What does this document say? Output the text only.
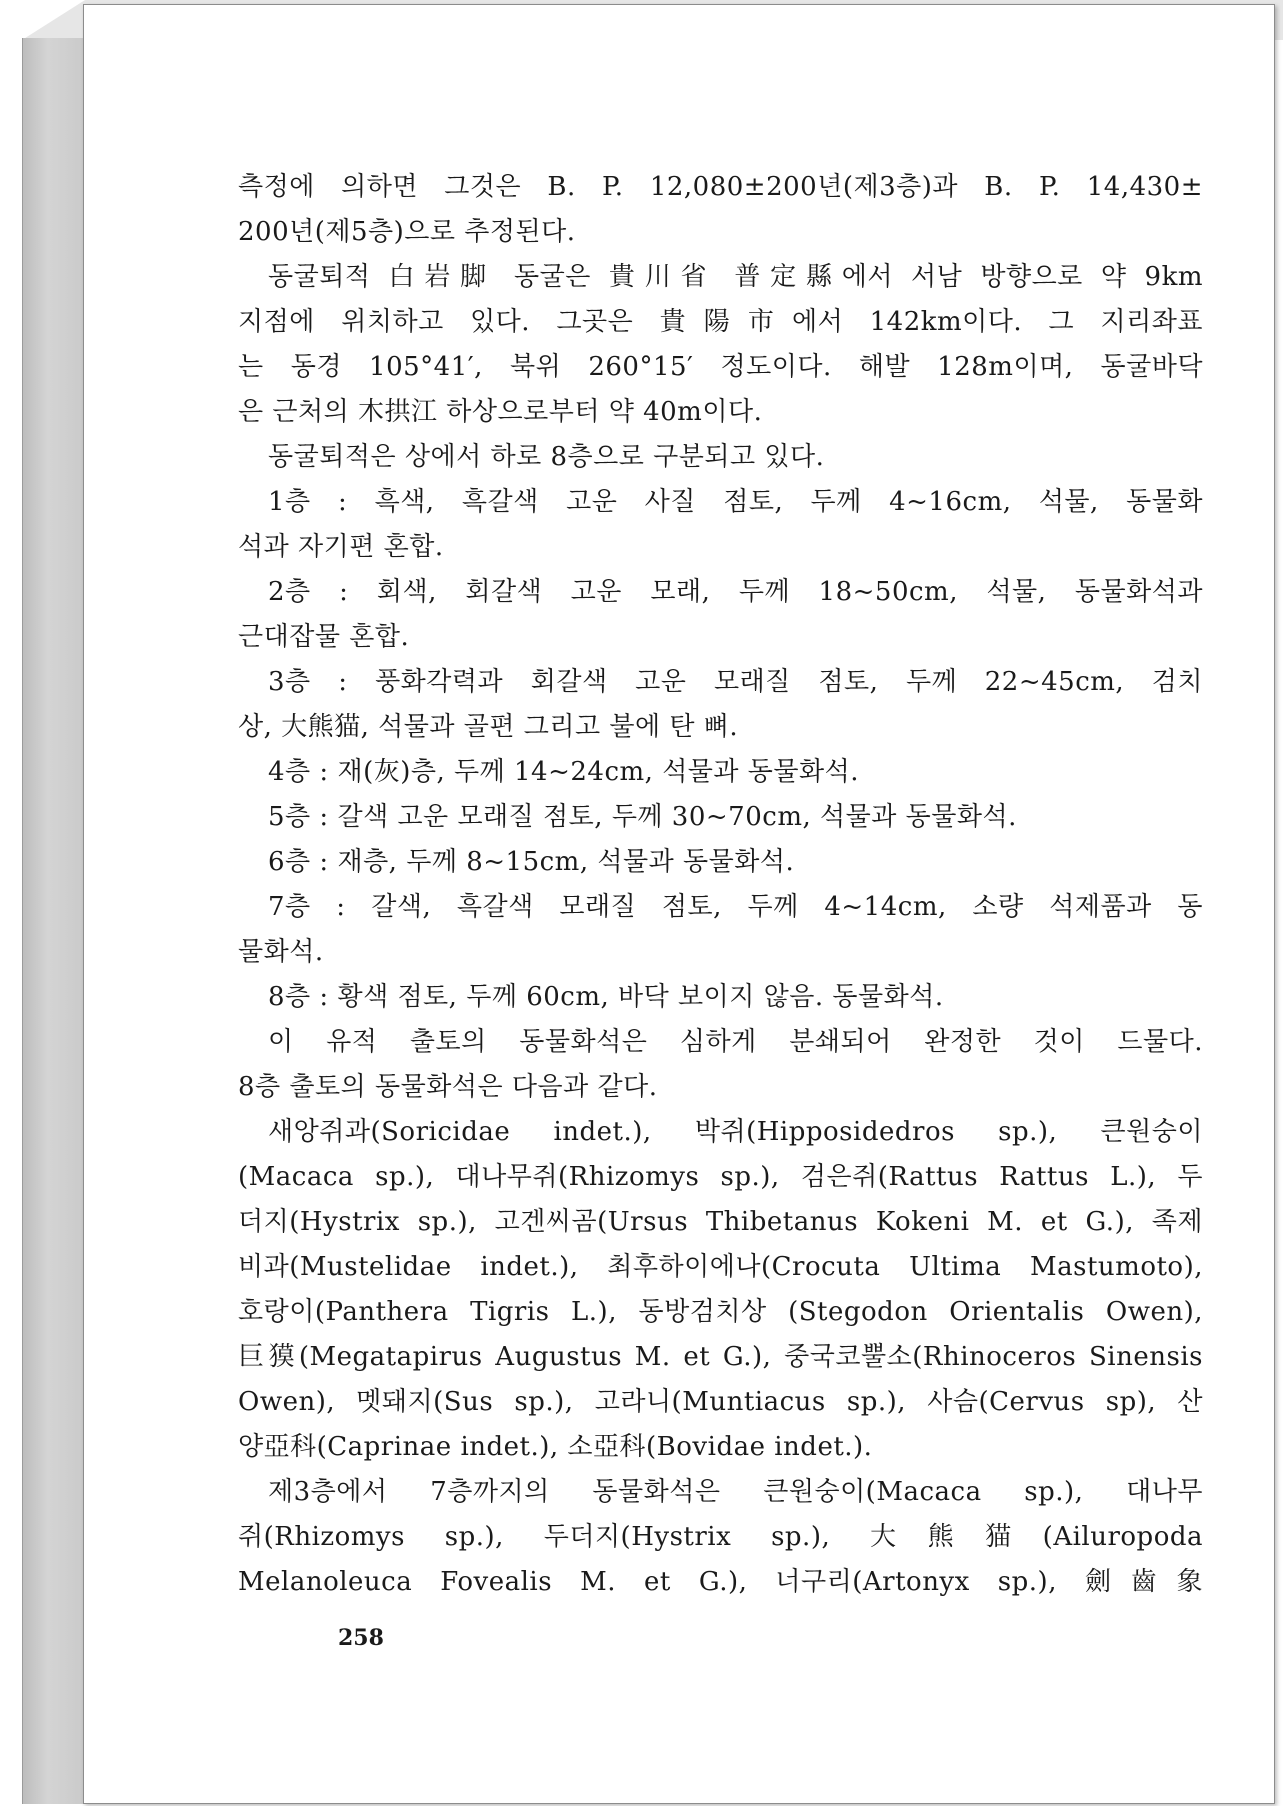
측정에 의하면 그것은 B. P. 12,080±200년(제3층)과 B. P. 14,430±
200년(제5층)으로 추정된다.
동굴퇴적 白岩脚 동굴은 貴川省 普定縣에서 서남 방향으로 약 9km
지점에 위치하고 있다. 그곳은 貴陽市에서 142km이다. 그 지리좌표
는 동경 105°41′, 북위 260°15′ 정도이다. 해발 128m이며, 동굴바닥
은 근처의 木拱江 하상으로부터 약 40m이다.
동굴퇴적은 상에서 하로 8층으로 구분되고 있다.
1층 : 흑색, 흑갈색 고운 사질 점토, 두께 4~16cm, 석물, 동물화
석과 자기편 혼합.
2층 : 회색, 회갈색 고운 모래, 두께 18~50cm, 석물, 동물화석과
근대잡물 혼합.
3층 : 풍화각력과 회갈색 고운 모래질 점토, 두께 22~45cm, 검치
상, 大熊猫, 석물과 골편 그리고 불에 탄 뼈.
4층 : 재(灰)층, 두께 14~24cm, 석물과 동물화석.
5층 : 갈색 고운 모래질 점토, 두께 30~70cm, 석물과 동물화석.
6층 : 재층, 두께 8~15cm, 석물과 동물화석.
7층 : 갈색, 흑갈색 모래질 점토, 두께 4~14cm, 소량 석제품과 동
물화석.
8층 : 황색 점토, 두께 60cm, 바닥 보이지 않음. 동물화석.
이 유적 출토의 동물화석은 심하게 분쇄되어 완정한 것이 드물다.
8층 출토의 동물화석은 다음과 같다.
새앙쥐과(Soricidae indet.), 박쥐(Hipposidedros sp.), 큰원숭이
(Macaca sp.), 대나무쥐(Rhizomys sp.), 검은쥐(Rattus Rattus L.), 두
더지(Hystrix sp.), 고겐씨곰(Ursus Thibetanus Kokeni M. et G.), 족제
비과(Mustelidae indet.), 최후하이에나(Crocuta Ultima Mastumoto),
호랑이(Panthera Tigris L.), 동방검치상 (Stegodon Orientalis Owen),
巨獏(Megatapirus Augustus M. et G.), 중국코뿔소(Rhinoceros Sinensis
Owen), 멧돼지(Sus sp.), 고라니(Muntiacus sp.), 사슴(Cervus sp), 산
양亞科(Caprinae indet.), 소亞科(Bovidae indet.).
제3층에서 7층까지의 동물화석은 큰원숭이(Macaca sp.), 대나무
쥐(Rhizomys sp.), 두더지(Hystrix sp.), 大熊猫(Ailuropoda
Melanoleuca Fovealis M. et G.), 너구리(Artonyx sp.), 劍齒象
258
